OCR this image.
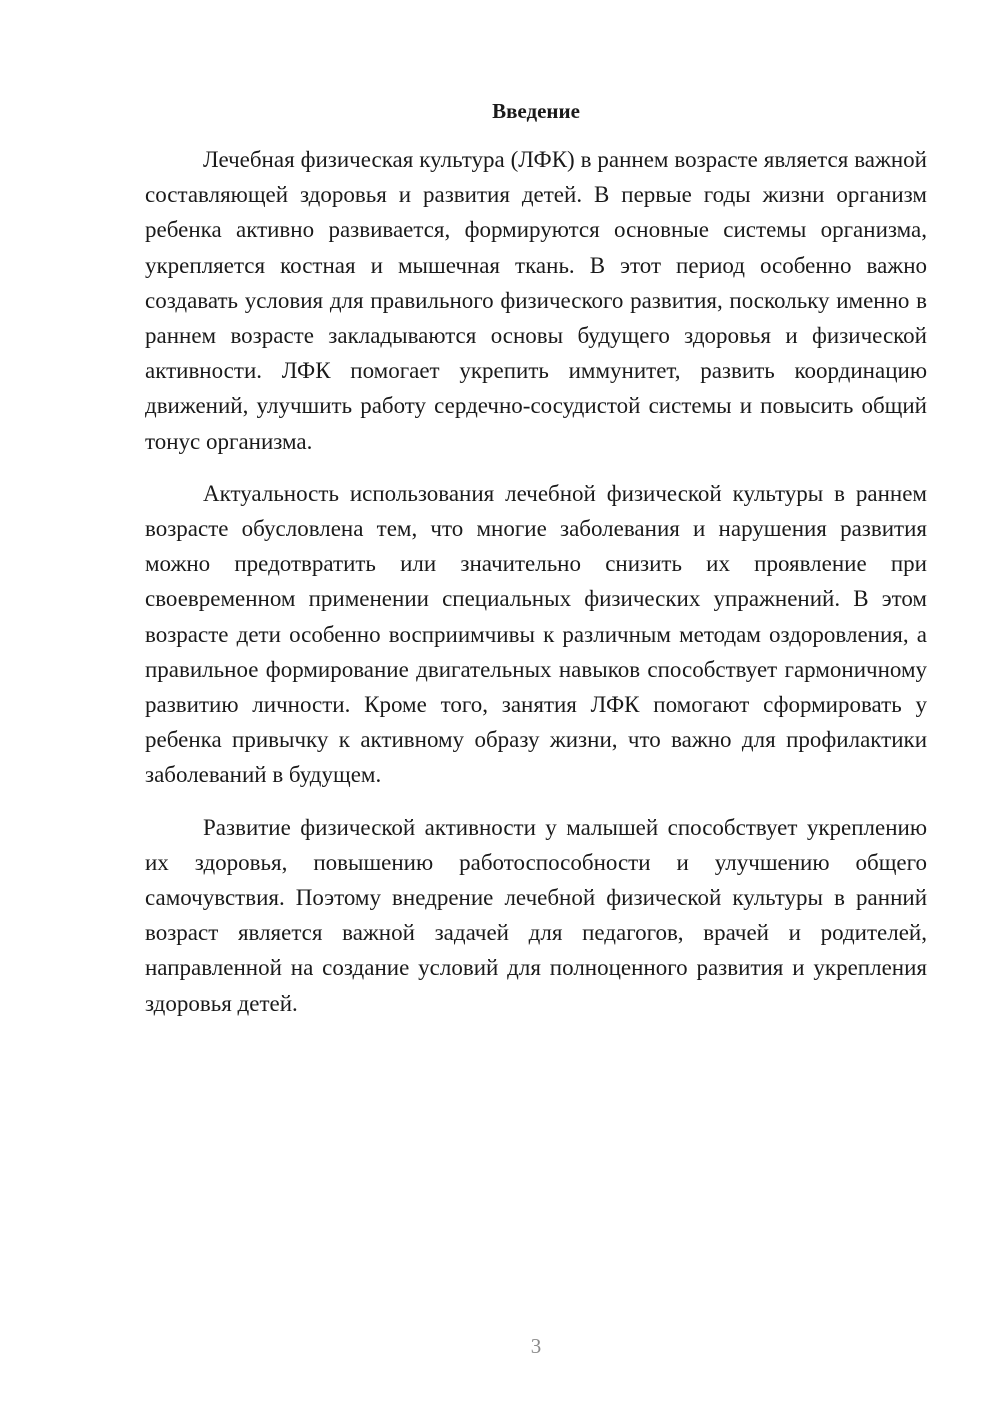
Введение

Лечебная физическая культура (ЛФК) в раннем возрасте является важной составляющей здоровья и развития детей. В первые годы жизни организм ребенка активно развивается, формируются основные системы организма, укрепляется костная и мышечная ткань. В этот период особенно важно создавать условия для правильного физического развития, поскольку именно в раннем возрасте закладываются основы будущего здоровья и физической активности. ЛФК помогает укрепить иммунитет, развить координацию движений, улучшить работу сердечно-сосудистой системы и повысить общий тонус организма.

Актуальность использования лечебной физической культуры в раннем возрасте обусловлена тем, что многие заболевания и нарушения развития можно предотвратить или значительно снизить их проявление при своевременном применении специальных физических упражнений. В этом возрасте дети особенно восприимчивы к различным методам оздоровления, а правильное формирование двигательных навыков способствует гармоничному развитию личности. Кроме того, занятия ЛФК помогают сформировать у ребенка привычку к активному образу жизни, что важно для профилактики заболеваний в будущем.

Развитие физической активности у малышей способствует укреплению их здоровья, повышению работоспособности и улучшению общего самочувствия. Поэтому внедрение лечебной физической культуры в ранний возраст является важной задачей для педагогов, врачей и родителей, направленной на создание условий для полноценного развития и укрепления здоровья детей.

3
